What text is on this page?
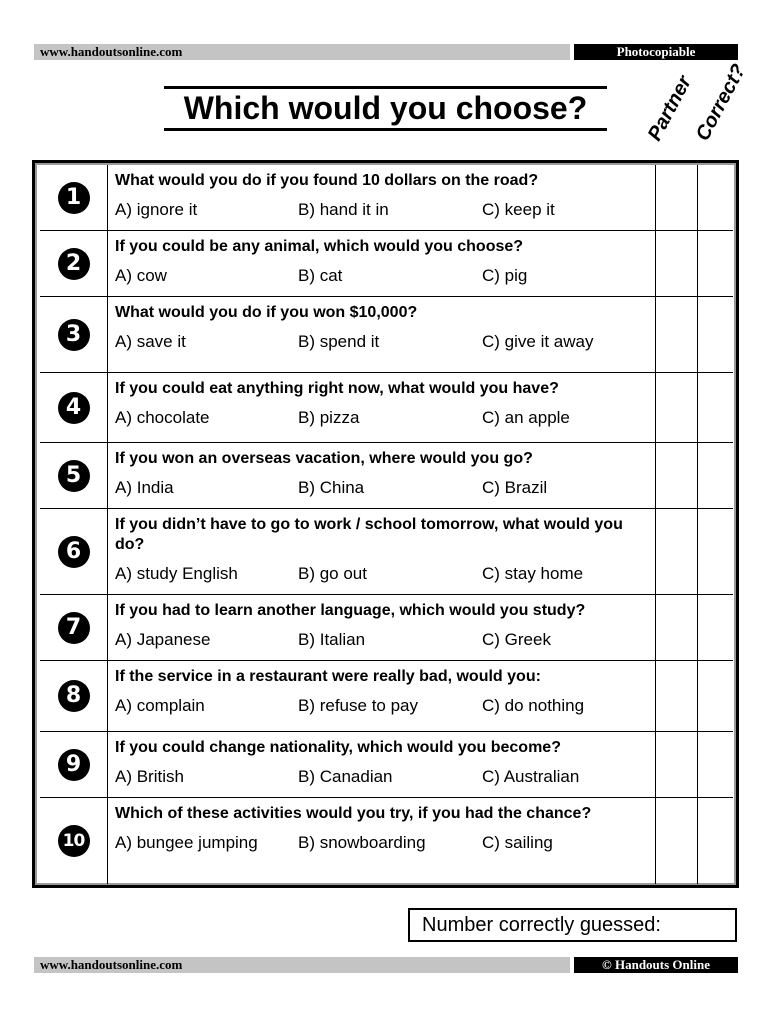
www.handoutsonline.com	Photocopiable
Which would you choose?	Partner
Correct?
1
What would you do if you found 10 dollars on the road?
A) ignore it	B) hand it in	C) keep it
2
If you could be any animal, which would you choose?
A) cow	B) cat	C) pig
3
What would you do if you won $10,000?
A) save it	B) spend it	C) give it away
4
If you could eat anything right now, what would you have?
A) chocolate	B) pizza	C) an apple
5
If you won an overseas vacation, where would you go?
A) India	B) China	C) Brazil
6
If you didn’t have to go to work / school tomorrow, what would you do?
A) study English	B) go out	C) stay home
7
If you had to learn another language, which would you study?
A) Japanese	B) Italian	C) Greek
8
If the service in a restaurant were really bad, would you:
A) complain	B) refuse to pay	C) do nothing
9
If you could change nationality, which would you become?
A) British	B) Canadian	C) Australian
10
Which of these activities would you try, if you had the chance?
A) bungee jumping B) snowboarding	C) sailing
Number correctly guessed:
www.handoutsonline.com	© Handouts Online
